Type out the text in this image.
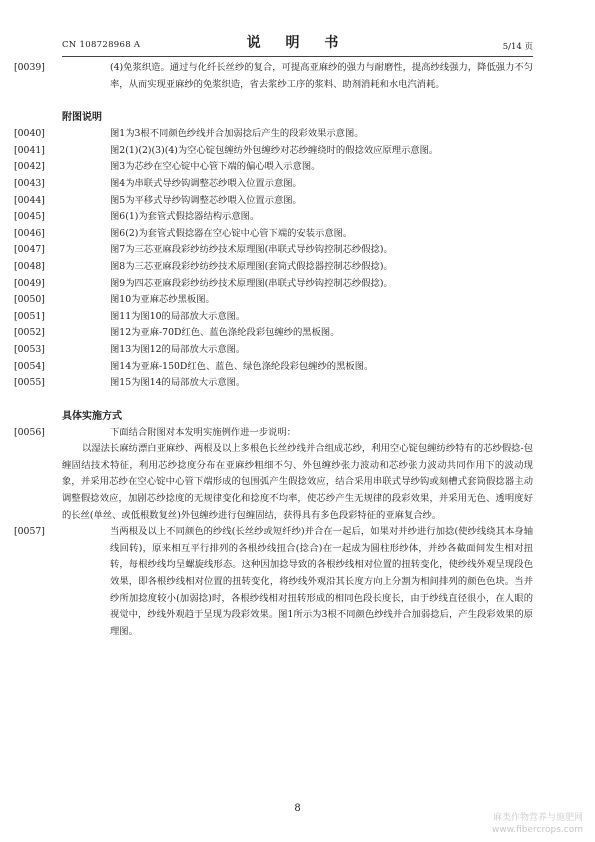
CN 108728968 A	说 明 书	5/14 页
[0039]	(4)免浆织造。通过与化纤长丝纱的复合，可提高亚麻纱的强力与耐磨性，提高纱线强力，降低强力不匀率，从而实现亚麻纱的免浆织造，省去浆纱工序的浆料、助剂消耗和水电汽消耗。
附图说明
[0040]	图1为3根不同颜色纱线并合加弱捻后产生的段彩效果示意图。
[0041]	图2(1)(2)(3)(4)为空心锭包缠纺外包缠纱对芯纱缠绕时的假捻效应原理示意图。
[0042]	图3为芯纱在空心锭中心管下端的偏心喂入示意图。
[0043]	图4为串联式导纱钩调整芯纱喂入位置示意图。
[0044]	图5为平移式导纱钩调整芯纱喂入位置示意图。
[0045]	图6(1)为套管式假捻器结构示意图。
[0046]	图6(2)为套管式假捻器在空心锭中心管下端的安装示意图。
[0047]	图7为三芯亚麻段彩纱纺纱技术原理图(串联式导纱钩控制芯纱假捻)。
[0048]	图8为三芯亚麻段彩纱纺纱技术原理图(套筒式假捻器控制芯纱假捻)。
[0049]	图9为四芯亚麻段彩纱纺纱技术原理图(串联式导纱钩控制芯纱假捻)。
[0050]	图10为亚麻芯纱黑板图。
[0051]	图11为图10的局部放大示意图。
[0052]	图12为亚麻-70D红色、蓝色涤纶段彩包缠纱的黑板图。
[0053]	图13为图12的局部放大示意图。
[0054]	图14为亚麻-150D红色、蓝色、绿色涤纶段彩包缠纱的黑板图。
[0055]	图15为图14的局部放大示意图。
具体实施方式
[0056]	下面结合附图对本发明实施例作进一步说明：
以湿法长麻纺漂白亚麻纱、两根及以上多根色长丝纱线并合组成芯纱，利用空心锭包缠纺纱特有的芯纱假捻-包缠固结技术特征，利用芯纱捻度分布在亚麻纱粗细不匀、外包缠纱张力波动和芯纱张力波动共同作用下的波动现象，并采用芯纱在空心锭中心管下端形成的包围弧产生假捻效应，结合采用串联式导纱钩或刻槽式套筒假捻器主动调整假捻效应，加剧芯纱捻度的无规律变化和捻度不均率，使芯纱产生无规律的段彩效果，并采用无色、透明度好的长丝(单丝、或低根数复丝)外包缠纱进行包缠固结，获得具有多色段彩特征的亚麻复合纱。
[0057]	当两根及以上不同颜色的纱线(长丝纱或短纤纱)并合在一起后，如果对并纱进行加捻(使纱线绕其本身轴线回转)，原来相互平行排列的各根纱线扭合(捻合)在一起成为圆柱形纱体，并纱各截面间发生相对扭转，每根纱线均呈螺旋线形态。这种因加捻导致的各根纱线相对位置的扭转变化，使纱线外观呈现段色效果，即各根纱线相对位置的扭转变化，将纱线外观沿其长度方向上分割为相间排列的颜色色块。当并纱所加捻度较小(加弱捻)时，各根纱线相对扭转形成的相同色段长度长，由于纱线直径很小，在人眼的视觉中，纱线外观趋于呈现为段彩效果。图1所示为3根不同颜色纱线并合加弱捻后，产生段彩效果的原理图。
8
麻类作物营养与施肥网
www.fibercrops.com
